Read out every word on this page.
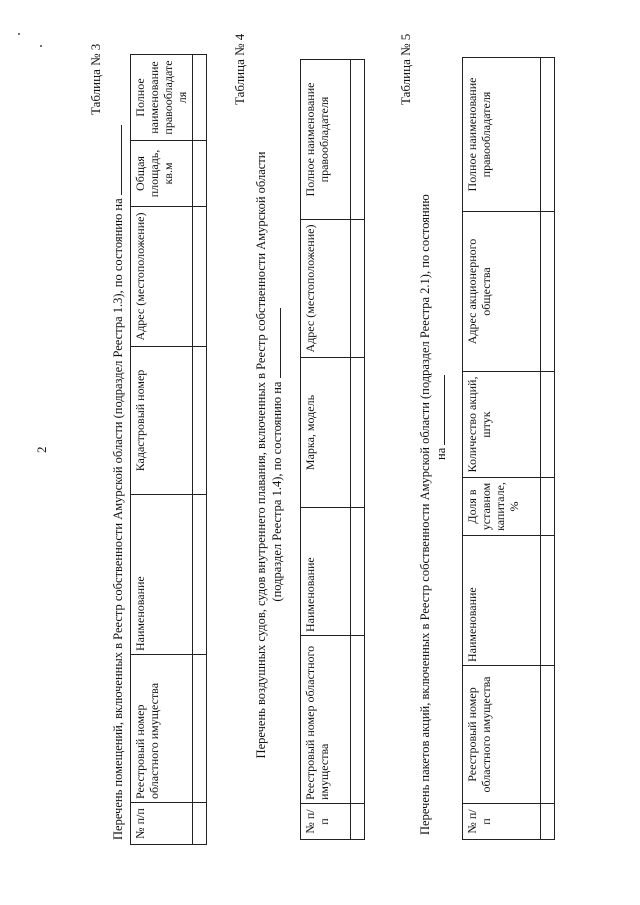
2
Таблица № 3
Перечень помещений, включенных в Реестр собственности Амурской области (подраздел Реестра 1.3), по состоянию на № п/п	Реестровый номер областного имущества	Наименование	Кадастровый номер	Адрес (местоположение)	Общая площадь, кв.м	Полное наименование правообладателя
							Таблица № 4
Перечень воздушных судов, судов внутреннего плавания, включенных в Реестр собственности Амурской области (подраздел Реестра 1.4), по состоянию на
№ п/п	Реестровый номер областного имущества	Наименование	Марка, модель	Адрес (местоположение)	Полное наименование правообладателя

Таблица № 5
Перечень пакетов акций, включенных в Реестр собственности Амурской области (подраздел Реестра 2.1), по состоянию на
№ п/п	Реестровый номер областного имущества	Наименование	Доля в уставном капитале, %	Количество акций, штук	Адрес акционерного общества	Полное наименование правообладателя
